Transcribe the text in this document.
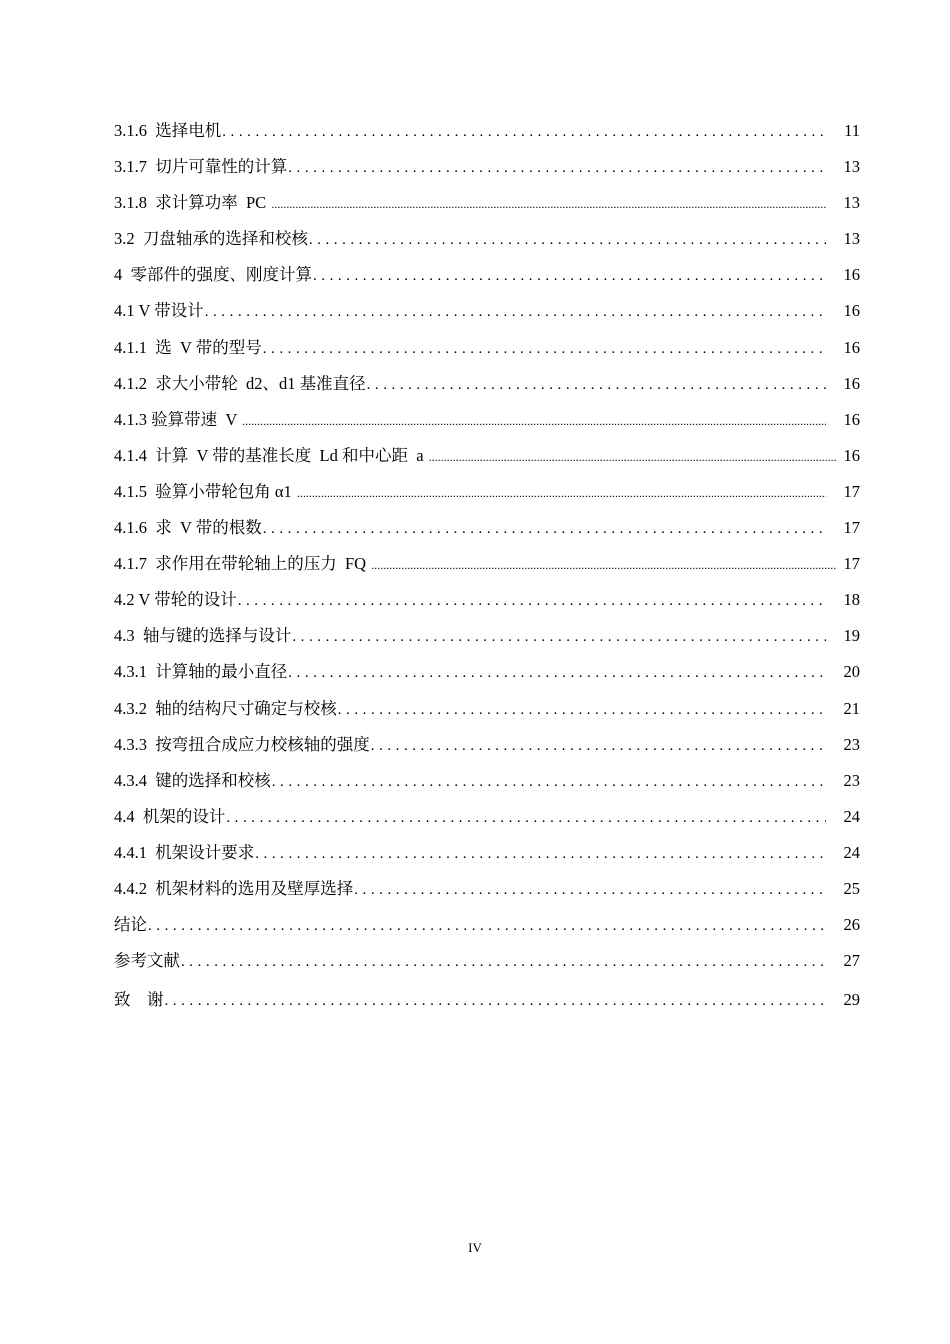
3.1.6  选择电机 . . .	11
3.1.7  切片可靠性的计算 . . .	13
3.1.8  求计算功率  PC .....	13
3.2  刀盘轴承的选择和校核 . . .	13
4  零部件的强度、刚度计算 . . .	16
4.1 V 带设计 . . .	16
4.1.1  选  V 带的型号 . . .	16
4.1.2  求大小带轮  d2、d1 基准直径 . . .	16
4.1.3 验算带速  V .....	16
4.1.4  计算  V 带的基准长度  Ld 和中心距  a .....	16
4.1.5  验算小带轮包角 α1 .....	17
4.1.6  求  V 带的根数 . . .	17
4.1.7  求作用在带轮轴上的压力  FQ .....	17
4.2 V 带轮的设计 . . .	18
4.3  轴与键的选择与设计 . . .	19
4.3.1  计算轴的最小直径 . . .	20
4.3.2  轴的结构尺寸确定与校核 . . .	21
4.3.3  按弯扭合成应力校核轴的强度 . . .	23
4.3.4  键的选择和校核 . . .	23
4.4  机架的设计 . . .	24
4.4.1  机架设计要求 . . .	24
4.4.2  机架材料的选用及壁厚选择 . . .	25
结论 . . .	26
参考文献 . . .	27
致    谢 . . .	29
IV
